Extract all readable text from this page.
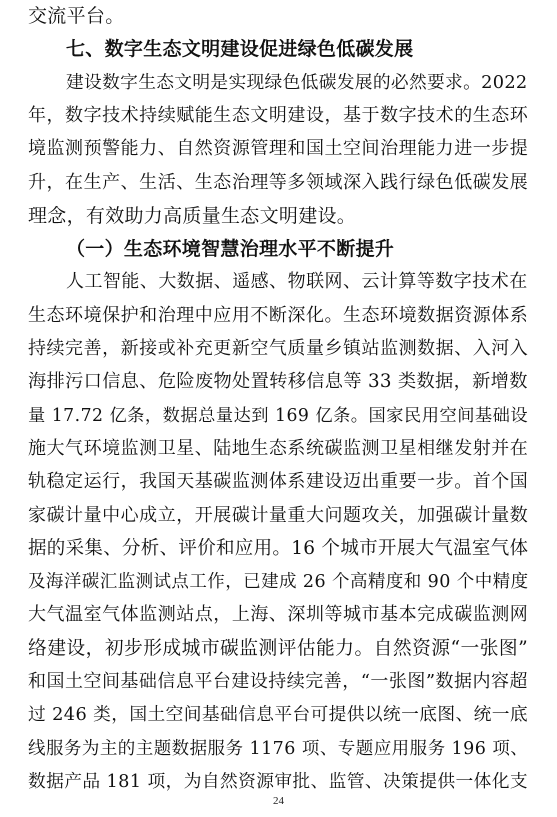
交流平台。
七、数字生态文明建设促进绿色低碳发展
建设数字生态文明是实现绿色低碳发展的必然要求。2022
年，数字技术持续赋能生态文明建设，基于数字技术的生态环
境监测预警能力、自然资源管理和国土空间治理能力进一步提
升，在生产、生活、生态治理等多领域深入践行绿色低碳发展
理念，有效助力高质量生态文明建设。
（一）生态环境智慧治理水平不断提升
人工智能、大数据、遥感、物联网、云计算等数字技术在
生态环境保护和治理中应用不断深化。生态环境数据资源体系
持续完善，新接或补充更新空气质量乡镇站监测数据、入河入
海排污口信息、危险废物处置转移信息等 33 类数据，新增数
量 17.72 亿条，数据总量达到 169 亿条。国家民用空间基础设
施大气环境监测卫星、陆地生态系统碳监测卫星相继发射并在
轨稳定运行，我国天基碳监测体系建设迈出重要一步。首个国
家碳计量中心成立，开展碳计量重大问题攻关，加强碳计量数
据的采集、分析、评价和应用。16 个城市开展大气温室气体
及海洋碳汇监测试点工作，已建成 26 个高精度和 90 个中精度
大气温室气体监测站点，上海、深圳等城市基本完成碳监测网
络建设，初步形成城市碳监测评估能力。自然资源“一张图”
和国土空间基础信息平台建设持续完善，“一张图”数据内容超
过 246 类，国土空间基础信息平台可提供以统一底图、统一底
线服务为主的主题数据服务 1176 项、专题应用服务 196 项、
数据产品 181 项，为自然资源审批、监管、决策提供一体化支
24
